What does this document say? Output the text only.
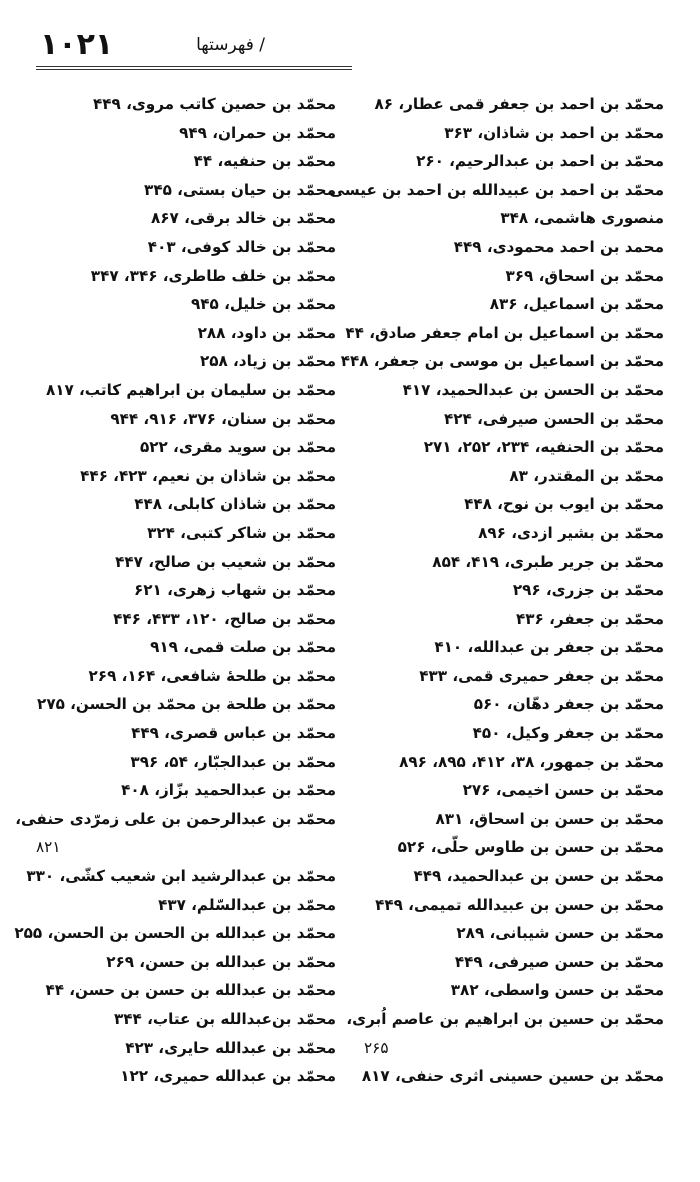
۱۰۲۱	/ فهرستها
محمّد بن احمد بن جعفر قمی عطار، ۸۶
محمّد بن احمد بن شاذان، ۳۶۳
محمّد بن احمد بن عبدالرحیم، ۲۶۰
محمّد بن احمد بن عبیدالله بن احمد بن عیسی
منصوری هاشمی، ۳۴۸
محمد بن احمد محمودی، ۴۴۹
محمّد بن اسحاق، ۳۶۹
محمّد بن اسماعیل، ۸۳۶
محمّد بن اسماعیل بن امام جعفر صادق، ۴۴
محمّد بن اسماعیل بن موسی بن جعفر، ۴۴۸
محمّد بن الحسن بن عبدالحمید، ۴۱۷
محمّد بن الحسن صیرفی، ۴۲۴
محمّد بن الحنفیه، ۲۳۴، ۲۵۲، ۲۷۱
محمّد بن المقتدر، ۸۳
محمّد بن ایوب بن نوح، ۴۴۸
محمّد بن بشیر ازدی، ۸۹۶
محمّد بن جریر طبری، ۴۱۹، ۸۵۴
محمّد بن جزری، ۲۹۶
محمّد بن جعفر، ۴۳۶
محمّد بن جعفر بن عبدالله، ۴۱۰
محمّد بن جعفر حمیری قمی، ۴۳۳
محمّد بن جعفر دهّان، ۵۶۰
محمّد بن جعفر وکیل، ۴۵۰
محمّد بن جمهور، ۳۸، ۴۱۲، ۸۹۵، ۸۹۶
محمّد بن حسن اخیمی، ۲۷۶
محمّد بن حسن بن اسحاق، ۸۳۱
محمّد بن حسن بن طاوس حلّی، ۵۲۶
محمّد بن حسن بن عبدالحمید، ۴۴۹
محمّد بن حسن بن عبیدالله تمیمی، ۴۴۹
محمّد بن حسن شیبانی، ۲۸۹
محمّد بن حسن صیرفی، ۴۴۹
محمّد بن حسن واسطی، ۳۸۲
محمّد بن حسین بن ابراهیم بن عاصم اُبری،
۲۶۵
محمّد بن حسین حسینی اثری حنفی، ۸۱۷
محمّد بن حصین کاتب مروی، ۴۴۹
محمّد بن حمران، ۹۴۹
محمّد بن حنفیه، ۴۴
محمّد بن حیان بستی، ۳۴۵
محمّد بن خالد برقی، ۸۶۷
محمّد بن خالد کوفی، ۴۰۳
محمّد بن خلف طاطری، ۳۴۶، ۳۴۷
محمّد بن خلیل، ۹۴۵
محمّد بن داود، ۲۸۸
محمّد بن زیاد، ۲۵۸
محمّد بن سلیمان بن ابراهیم کاتب، ۸۱۷
محمّد بن سنان، ۳۷۶، ۹۱۶، ۹۴۴
محمّد بن سوید مقری، ۵۲۲
محمّد بن شاذان بن نعیم، ۴۲۳، ۴۴۶
محمّد بن شاذان کابلی، ۴۴۸
محمّد بن شاکر کتبی، ۳۲۴
محمّد بن شعیب بن صالح، ۴۴۷
محمّد بن شهاب زهری، ۶۲۱
محمّد بن صالح، ۱۲۰، ۴۳۳، ۴۴۶
محمّد بن صلت قمی، ۹۱۹
محمّد بن طلحهٔ شافعی، ۱۶۴، ۲۶۹
محمّد بن طلحة بن محمّد بن الحسن، ۲۷۵
محمّد بن عباس قصری، ۴۴۹
محمّد بن عبدالجبّار، ۵۴، ۳۹۶
محمّد بن عبدالحمید بزّاز، ۴۰۸
محمّد بن عبدالرحمن بن علی زمرّدی حنفی،
۸۲۱
محمّد بن عبدالرشید ابن شعیب کشّی، ۳۳۰
محمّد بن عبدالسّلم، ۴۳۷
محمّد بن عبدالله بن الحسن بن الحسن، ۲۵۵
محمّد بن عبدالله بن حسن، ۲۶۹
محمّد بن عبدالله بن حسن بن حسن، ۴۴
محمّد بن‌عبدالله بن عتاب، ۳۴۴
محمّد بن عبدالله حایری، ۴۲۳
محمّد بن عبدالله حمیری، ۱۲۲
